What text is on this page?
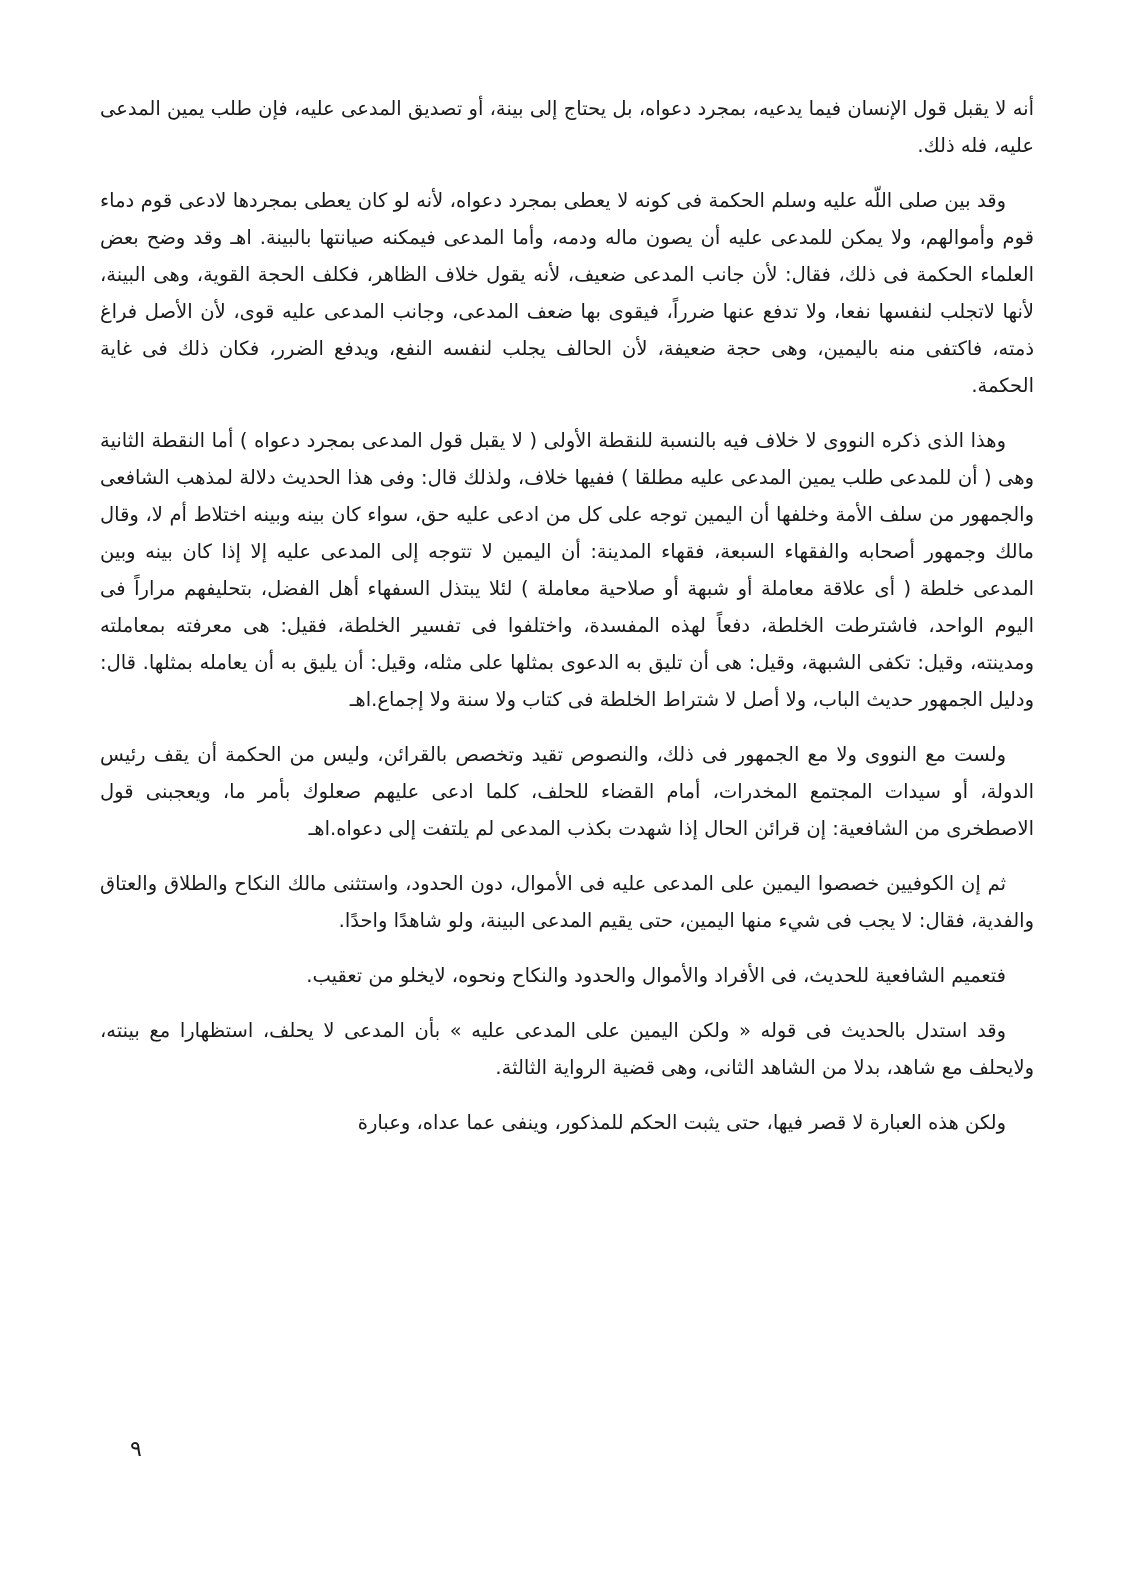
أنه لا يقبل قول الإنسان فيما يدعيه، بمجرد دعواه، بل يحتاج إلى بينة، أو تصديق المدعى عليه، فإن طلب يمين المدعى عليه، فله ذلك.

وقد بين صلى اللّه عليه وسلم الحكمة فى كونه لا يعطى بمجرد دعواه، لأنه لو كان يعطى بمجردها لادعى قوم دماء قوم وأموالهم، ولا يمكن للمدعى عليه أن يصون ماله ودمه، وأما المدعى فيمكنه صيانتها بالبينة. اهـ وقد وضح بعض العلماء الحكمة فى ذلك، فقال: لأن جانب المدعى ضعيف، لأنه يقول خلاف الظاهر، فكلف الحجة القوية، وهى البينة، لأنها لاتجلب لنفسها نفعا، ولا تدفع عنها ضرراً، فيقوى بها ضعف المدعى، وجانب المدعى عليه قوى، لأن الأصل فراغ ذمته، فاكتفى منه باليمين، وهى حجة ضعيفة، لأن الحالف يجلب لنفسه النفع، ويدفع الضرر، فكان ذلك فى غاية الحكمة.

وهذا الذى ذكره النووى لا خلاف فيه بالنسبة للنقطة الأولى ( لا يقبل قول المدعى بمجرد دعواه ) أما النقطة الثانية وهى ( أن للمدعى طلب يمين المدعى عليه مطلقا ) ففيها خلاف، ولذلك قال: وفى هذا الحديث دلالة لمذهب الشافعى والجمهور من سلف الأمة وخلفها أن اليمين توجه على كل من ادعى عليه حق، سواء كان بينه وبينه اختلاط أم لا، وقال مالك وجمهور أصحابه والفقهاء السبعة، فقهاء المدينة: أن اليمين لا تتوجه إلى المدعى عليه إلا إذا كان بينه وبين المدعى خلطة ( أى علاقة معاملة أو شبهة أو صلاحية معاملة ) لئلا يبتذل السفهاء أهل الفضل، بتحليفهم مراراً فى اليوم الواحد، فاشترطت الخلطة، دفعاً لهذه المفسدة، واختلفوا فى تفسير الخلطة، فقيل: هى معرفته بمعاملته ومدينته، وقيل: تكفى الشبهة، وقيل: هى أن تليق به الدعوى بمثلها على مثله، وقيل: أن يليق به أن يعامله بمثلها. قال: ودليل الجمهور حديث الباب، ولا أصل لا شتراط الخلطة فى كتاب ولا سنة ولا إجماع.اهـ

ولست مع النووى ولا مع الجمهور فى ذلك، والنصوص تقيد وتخصص بالقرائن، وليس من الحكمة أن يقف رئيس الدولة، أو سيدات المجتمع المخدرات، أمام القضاء للحلف، كلما ادعى عليهم صعلوك بأمر ما، ويعجبنى قول الاصطخرى من الشافعية: إن قرائن الحال إذا شهدت بكذب المدعى لم يلتفت إلى دعواه.اهـ

ثم إن الكوفيين خصصوا اليمين على المدعى عليه فى الأموال، دون الحدود، واستثنى مالك النكاح والطلاق والعتاق والفدية، فقال: لا يجب فى شيء منها اليمين، حتى يقيم المدعى البينة، ولو شاهدًا واحدًا.

فتعميم الشافعية للحديث، فى الأفراد والأموال والحدود والنكاح ونحوه، لايخلو من تعقيب.

وقد استدل بالحديث فى قوله « ولكن اليمين على المدعى عليه » بأن المدعى لا يحلف، استظهارا مع بينته، ولايحلف مع شاهد، بدلا من الشاهد الثانى، وهى قضية الرواية الثالثة.

ولكن هذه العبارة لا قصر فيها، حتى يثبت الحكم للمذكور، وينفى عما عداه، وعبارة

٩
